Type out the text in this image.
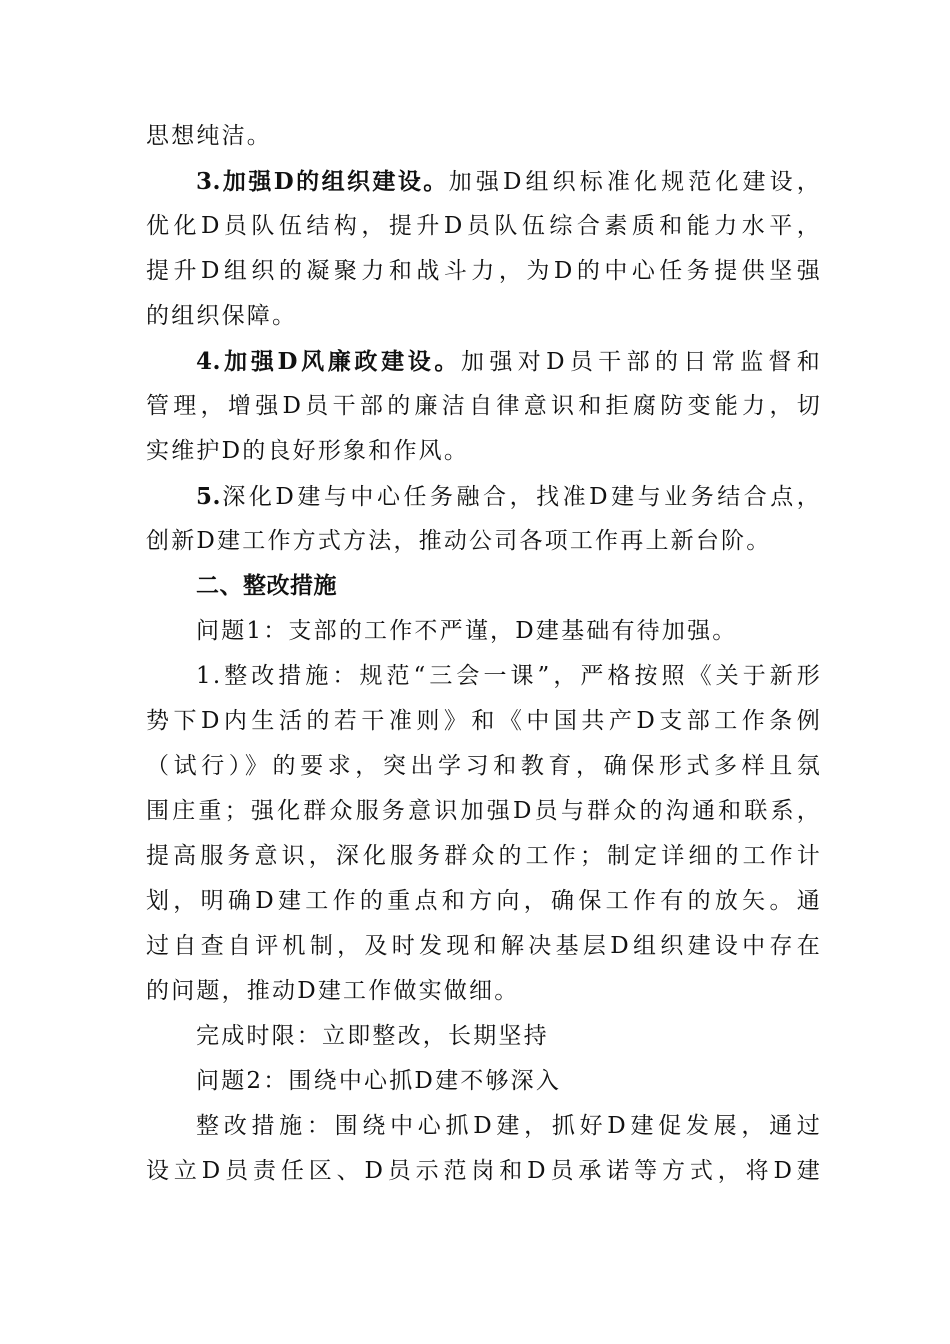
思想纯洁。
3.加强D的组织建设。加强D组织标准化规范化建设，
优化D员队伍结构，提升D员队伍综合素质和能力水平，
提升D组织的凝聚力和战斗力，为D的中心任务提供坚强
的组织保障。
4.加强D风廉政建设。加强对D员干部的日常监督和
管理，增强D员干部的廉洁自律意识和拒腐防变能力，切
实维护D的良好形象和作风。
5.深化D建与中心任务融合，找准D建与业务结合点，
创新D建工作方式方法，推动公司各项工作再上新台阶。
二、整改措施
问题1：支部的工作不严谨，D建基础有待加强。
1.整改措施：规范“三会一课”，严格按照《关于新形
势下D内生活的若干准则》和《中国共产D支部工作条例
（试行）》的要求，突出学习和教育，确保形式多样且氛
围庄重；强化群众服务意识加强D员与群众的沟通和联系，
提高服务意识，深化服务群众的工作；制定详细的工作计
划，明确D建工作的重点和方向，确保工作有的放矢。通
过自查自评机制，及时发现和解决基层D组织建设中存在
的问题，推动D建工作做实做细。
完成时限：立即整改，长期坚持
问题2：围绕中心抓D建不够深入
整改措施：围绕中心抓D建，抓好D建促发展，通过
设立D员责任区、D员示范岗和D员承诺等方式，将D建
